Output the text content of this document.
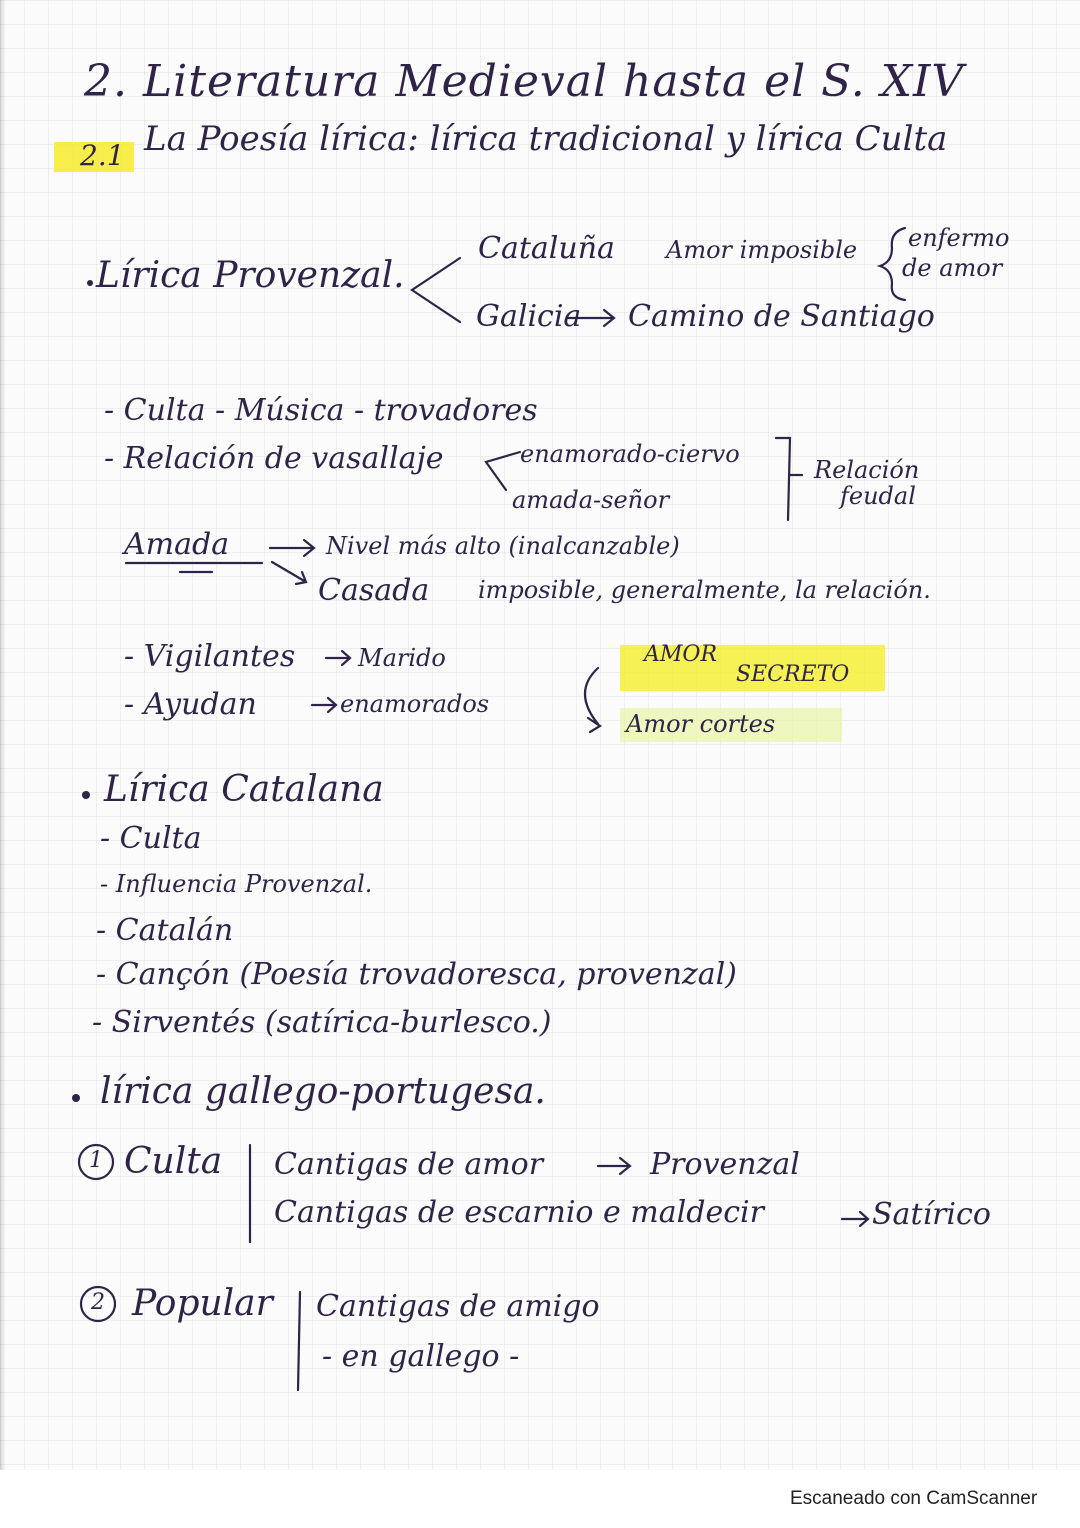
2. Literatura Medieval hasta el S. XIV
2.1 La Poesía lírica: lírica tradicional y lírica Culta
Lírica Provenzal.
Cataluña Amor imposible enfermo
de amor
Galicia Camino de Santiago
- Culta - Música - trovadores
- Relación de vasallaje	enamorado-ciervo
amada-señor
Relación
feudal
Amada	Nivel más alto (inalcanzable)
Casada imposible, generalmente, la relación.
- Vigilantes	Marido
- Ayudan	enamorados
AMOR
SECRETO
Amor cortes
Lírica Catalana
- Culta
- Influencia Provenzal.
- Catalán
- Cançón (Poesía trovadoresca, provenzal)
- Sirventés (satírica-burlesco.)
lírica gallego-portugesa.
1 Culta Cantigas de amor	Provenzal
Cantigas de escarnio e maldecir	Satírico
2 Popular Cantigas de amigo
- en gallego -
Escaneado con CamScanner
